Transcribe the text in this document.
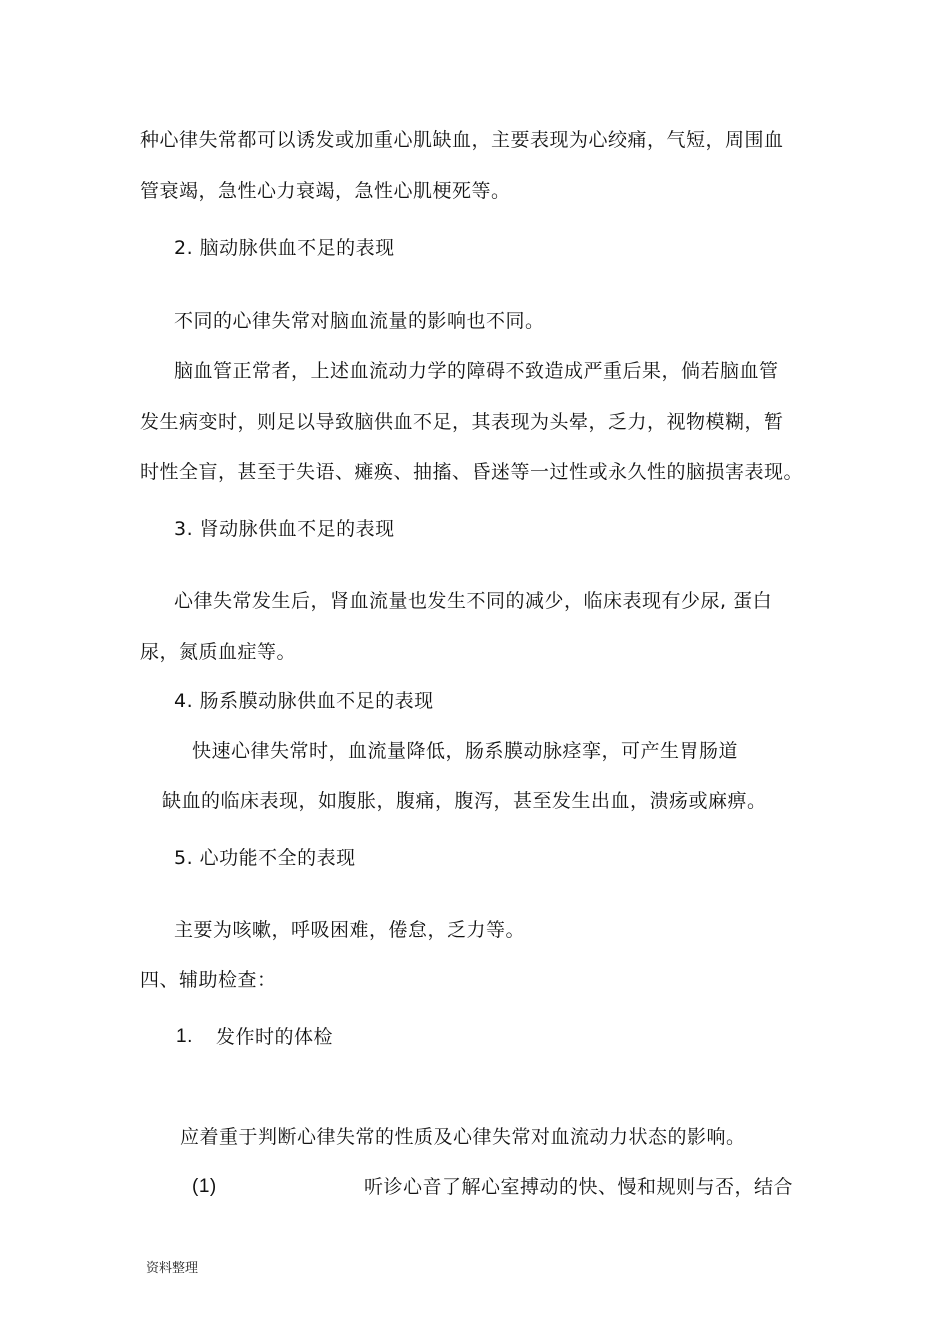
种心律失常都可以诱发或加重心肌缺血，主要表现为心绞痛，气短，周围血
管衰竭，急性心力衰竭，急性心肌梗死等。
2. 脑动脉供血不足的表现
不同的心律失常对脑血流量的影响也不同。
脑血管正常者，上述血流动力学的障碍不致造成严重后果，倘若脑血管
发生病变时，则足以导致脑供血不足，其表现为头晕，乏力，视物模糊，暂
时性全盲，甚至于失语、瘫痪、抽搐、昏迷等一过性或永久性的脑损害表现。
3. 肾动脉供血不足的表现
心律失常发生后，肾血流量也发生不同的减少，临床表现有少尿, 蛋白
尿，氮质血症等。
4. 肠系膜动脉供血不足的表现
快速心律失常时，血流量降低，肠系膜动脉痉挛，可产生胃肠道
缺血的临床表现，如腹胀，腹痛，腹泻，甚至发生出血，溃疡或麻痹。
5. 心功能不全的表现
主要为咳嗽，呼吸困难，倦怠，乏力等。
四、辅助检查：
1. 发作时的体检
应着重于判断心律失常的性质及心律失常对血流动力状态的影响。
(1)	听诊心音了解心室搏动的快、慢和规则与否，结合
资料整理
